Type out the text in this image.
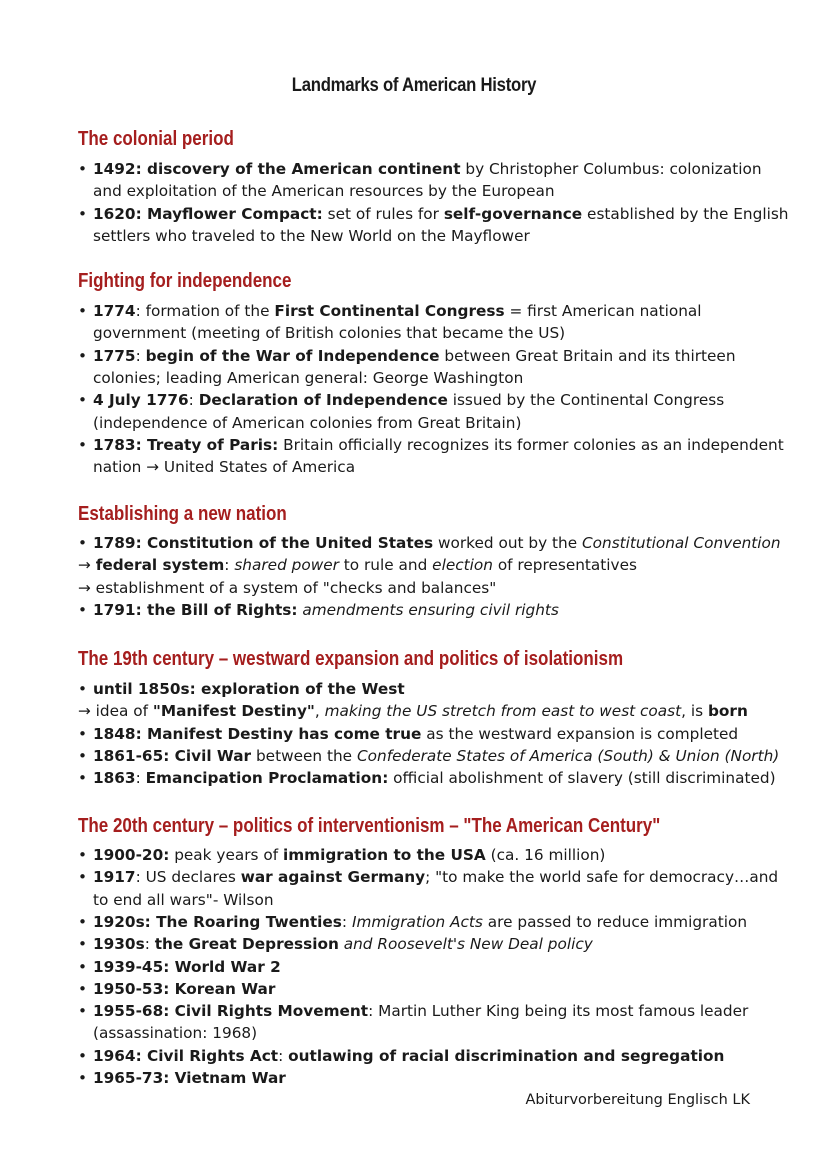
Landmarks of American History
The colonial period
• 1492: discovery of the American continent by Christopher Columbus: colonization
and exploitation of the American resources by the European
• 1620: Mayflower Compact: set of rules for self-governance established by the English
settlers who traveled to the New World on the Mayflower
Fighting for independence
• 1774: formation of the First Continental Congress = first American national
government (meeting of British colonies that became the US)
• 1775: begin of the War of Independence between Great Britain and its thirteen
colonies; leading American general: George Washington
• 4 July 1776: Declaration of Independence issued by the Continental Congress
(independence of American colonies from Great Britain)
• 1783: Treaty of Paris: Britain officially recognizes its former colonies as an independent
nation → United States of America
Establishing a new nation
• 1789: Constitution of the United States worked out by the Constitutional Convention
→ federal system: shared power to rule and election of representatives
→ establishment of a system of "checks and balances"
• 1791: the Bill of Rights: amendments ensuring civil rights
The 19th century – westward expansion and politics of isolationism
• until 1850s: exploration of the West
→ idea of "Manifest Destiny", making the US stretch from east to west coast, is born
• 1848: Manifest Destiny has come true as the westward expansion is completed
• 1861-65: Civil War between the Confederate States of America (South) & Union (North)
• 1863: Emancipation Proclamation: official abolishment of slavery (still discriminated)
The 20th century – politics of interventionism – "The American Century"
• 1900-20: peak years of immigration to the USA (ca. 16 million)
• 1917: US declares war against Germany; "to make the world safe for democracy…and
to end all wars"- Wilson
• 1920s: The Roaring Twenties: Immigration Acts are passed to reduce immigration
• 1930s: the Great Depression and Roosevelt's New Deal policy
• 1939-45: World War 2
• 1950-53: Korean War
• 1955-68: Civil Rights Movement: Martin Luther King being its most famous leader
(assassination: 1968)
• 1964: Civil Rights Act: outlawing of racial discrimination and segregation
• 1965-73: Vietnam War
Abiturvorbereitung Englisch LK
